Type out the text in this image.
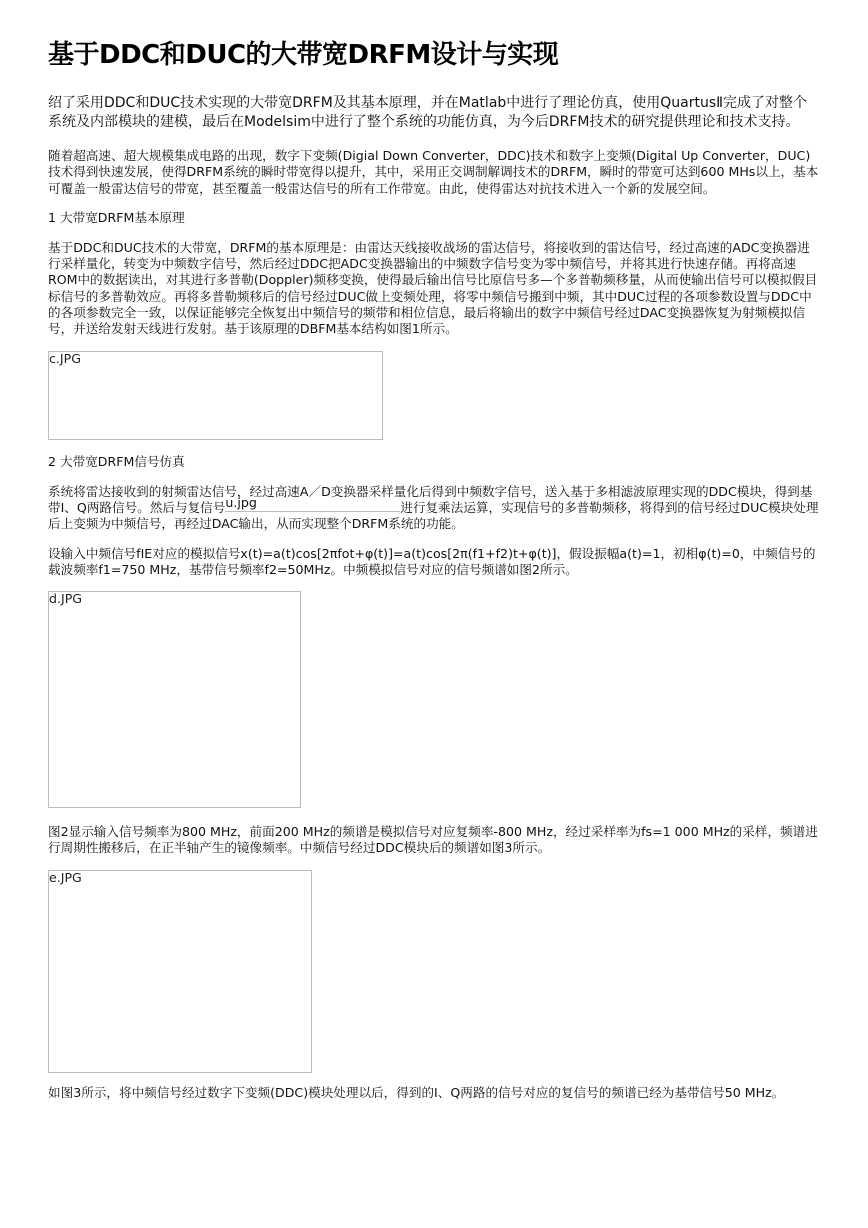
基于DDC和DUC的大带宽DRFM设计与实现

绍了采用DDC和DUC技术实现的大带宽DRFM及其基本原理，并在Matlab中进行了理论仿真，使用QuartusⅡ完成了对整个系统及内部模块的建模，最后在Modelsim中进行了整个系统的功能仿真，为今后DRFM技术的研究提供理论和技术支持。

随着超高速、超大规模集成电路的出现，数字下变频(Digial Down Converter，DDC)技术和数字上变频(Digital Up Converter，DUC)技术得到快速发展，使得DRFM系统的瞬时带宽得以提升，其中，采用正交调制解调技术的DRFM，瞬时的带宽可达到600 MHs以上，基本可覆盖一般雷达信号的带宽，甚至覆盖一般雷达信号的所有工作带宽。由此，使得雷达对抗技术进入一个新的发展空间。

1 大带宽DRFM基本原理

基于DDC和DUC技术的大带宽，DRFM的基本原理是：由雷达天线接收战场的雷达信号，将接收到的雷达信号，经过高速的ADC变换器进行采样量化，转变为中频数字信号，然后经过DDC把ADC变换器输出的中频数字信号变为零中频信号，并将其进行快速存储。再将高速ROM中的数据读出，对其进行多普勒(Doppler)频移变换，使得最后输出信号比原信号多—个多普勒频移量，从而使输出信号可以模拟假目标信号的多普勒效应。再将多普勒频移后的信号经过DUC做上变频处理，将零中频信号搬到中频，其中DUC过程的各项参数设置与DDC中的各项参数完全一致，以保证能够完全恢复出中频信号的频带和相位信息，最后将输出的数字中频信号经过DAC变换器恢复为射频模拟信号，并送给发射天线进行发射。基于该原理的DBFM基本结构如图1所示。

c.JPG
2 大带宽DRFM信号仿真

系统将雷达接收到的射频雷达信号，经过高速A／D变换器采样量化后得到中频数字信号，送入基于多相滤波原理实现的DDC模块，得到基带I、Q两路信号。然后与复信号 u.jpg	进行复乘法运算，实现信号的多普勒频移，将得到的信号经过DUC模块处理后上变频为中频信号，再经过DAC输出，从而实现整个DRFM系统的功能。

设输入中频信号fIE对应的模拟信号x(t)=a(t)cos[2πfot+φ(t)]=a(t)cos[2π(f1+f2)t+φ(t)]，假设振幅a(t)=1，初相φ(t)=0，中频信号的载波频率f1=750 MHz，基带信号频率f2=50MHz。中频模拟信号对应的信号频谱如图2所示。

d.JPG

图2显示输入信号频率为800 MHz，前面200 MHz的频谱是模拟信号对应复频率-800 MHz，经过采样率为fs=1 000 MHz的采样，频谱进行周期性搬移后，在正半轴产生的镜像频率。中频信号经过DDC模块后的频谱如图3所示。

e.JPG

如图3所示，将中频信号经过数字下变频(DDC)模块处理以后，得到的I、Q两路的信号对应的复信号的频谱已经为基带信号50 MHz。
